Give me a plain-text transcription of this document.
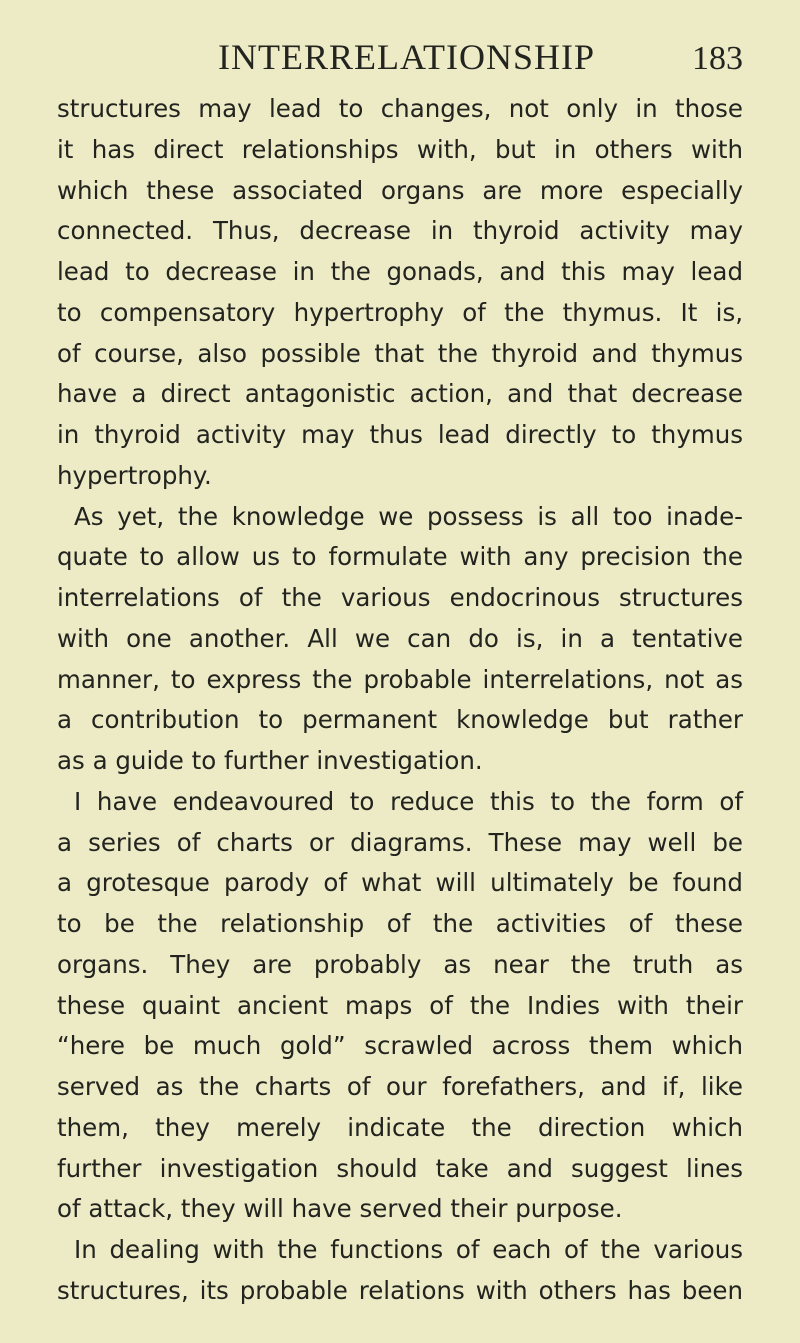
INTERRELATIONSHIP	183
structures may lead to changes, not only in those
it has direct relationships with, but in others with
which these associated organs are more especially
connected. Thus, decrease in thyroid activity may
lead to decrease in the gonads, and this may lead
to compensatory hypertrophy of the thymus. It is,
of course, also possible that the thyroid and thymus
have a direct antagonistic action, and that decrease
in thyroid activity may thus lead directly to thymus
hypertrophy.
As yet, the knowledge we possess is all too inade-
quate to allow us to formulate with any precision the
interrelations of the various endocrinous structures
with one another. All we can do is, in a tentative
manner, to express the probable interrelations, not as
a contribution to permanent knowledge but rather
as a guide to further investigation.
I have endeavoured to reduce this to the form of
a series of charts or diagrams. These may well be
a grotesque parody of what will ultimately be found
to be the relationship of the activities of these
organs. They are probably as near the truth as
these quaint ancient maps of the Indies with their
“here be much gold” scrawled across them which
served as the charts of our forefathers, and if, like
them, they merely indicate the direction which
further investigation should take and suggest lines
of attack, they will have served their purpose.
In dealing with the functions of each of the various
structures, its probable relations with others has been
